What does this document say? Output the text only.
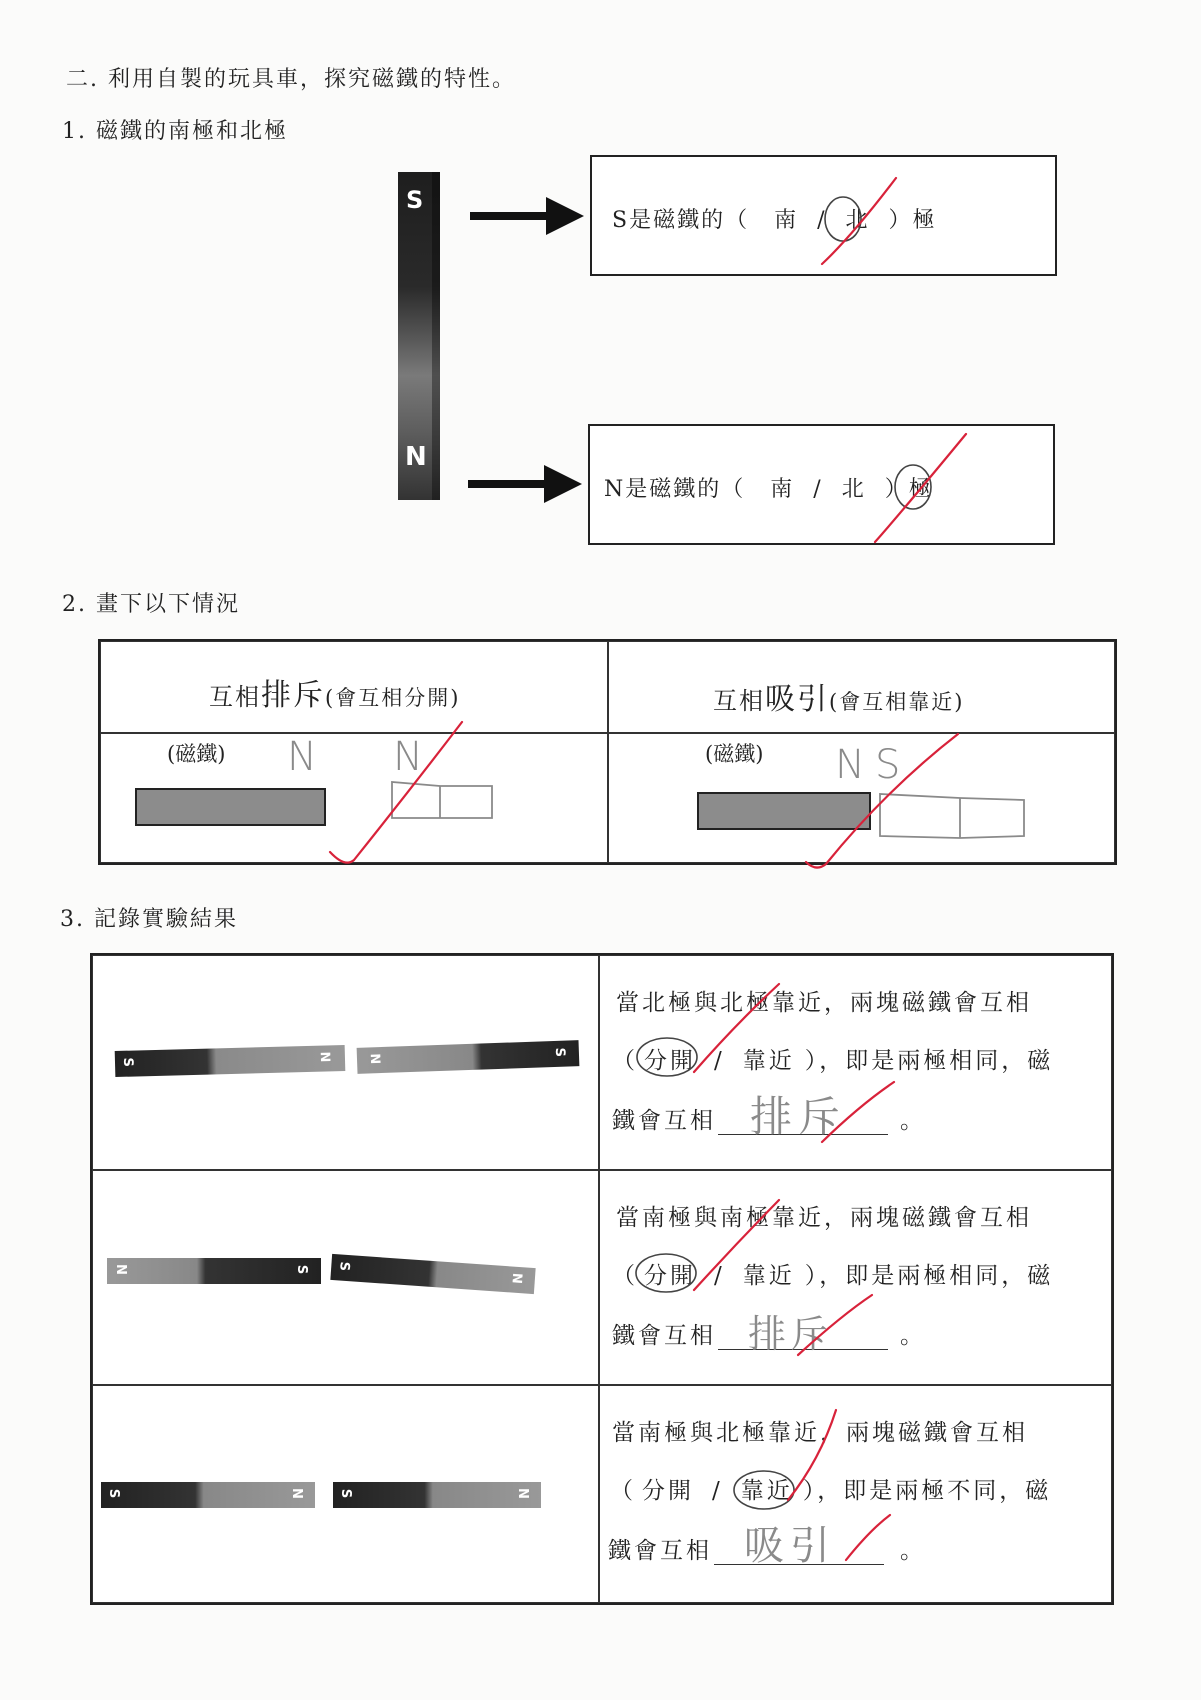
二. 利用自製的玩具車，探究磁鐵的特性。
1. 磁鐵的南極和北極
S
N
S是磁鐵的（ 南 / 北 ）極
N是磁鐵的（ 南 / 北 ）極
2. 畫下以下情況
互相排斥(會互相分開)	互相吸引(會互相靠近)
(磁鐵) N N	(磁鐵) N S
3. 記錄實驗結果
S	N	N
S
當北極與北極靠近，兩塊磁鐵會互相
（ 分開 / 靠近 ），即是兩極相同，磁
鐵會互相 排斥 。
N	S S
N
當南極與南極靠近，兩塊磁鐵會互相
（ 分開 / 靠近 ），即是兩極相同，磁
鐵會互相 排斥	。
S	N	S	N
當南極與北極靠近，兩塊磁鐵會互相
（ 分開 / 靠近 ），即是兩極不同，磁
鐵會互相 吸引	。
